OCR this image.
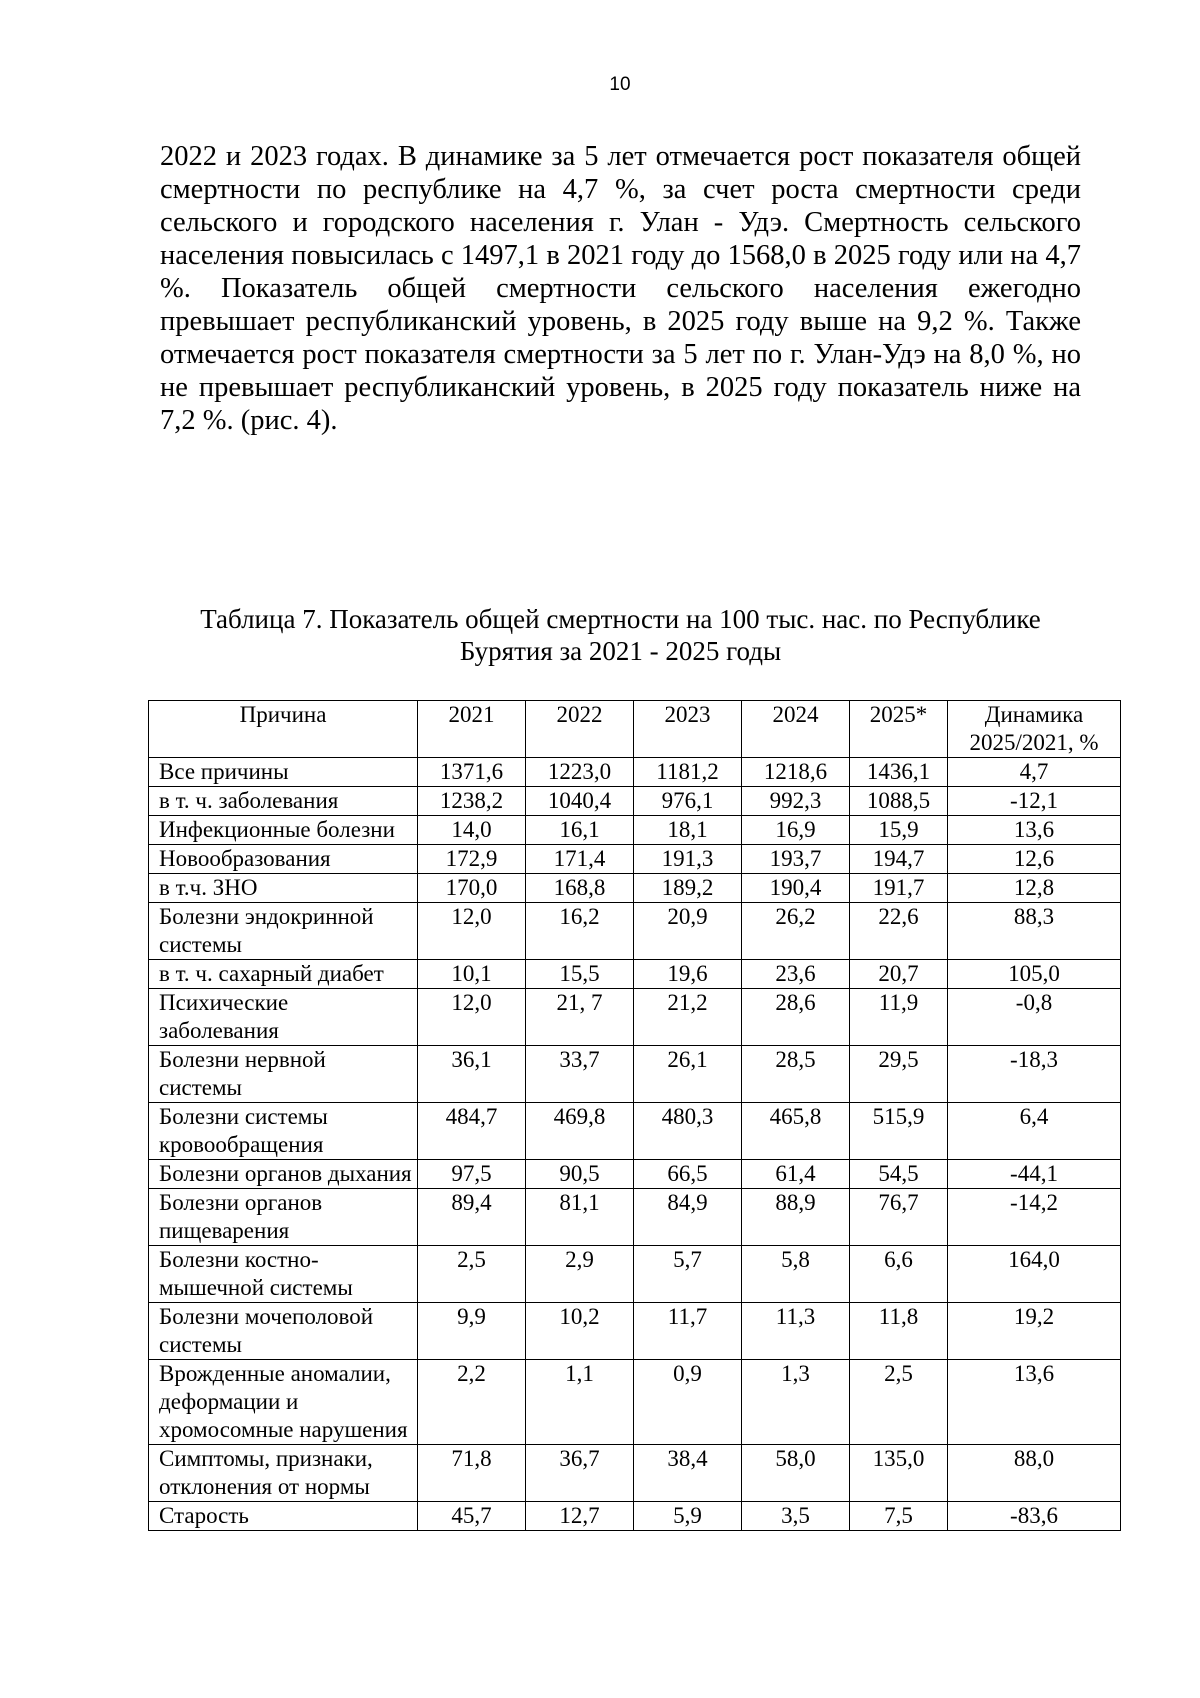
10

2022 и 2023 годах. В динамике за 5 лет отмечается рост показателя общей смертности по республике на 4,7 %, за счет роста смертности среди сельского и городского населения г. Улан - Удэ. Смертность сельского населения повысилась с 1497,1 в 2021 году до 1568,0 в 2025 году или на 4,7 %. Показатель общей смертности сельского населения ежегодно превышает республиканский уровень, в 2025 году выше на 9,2 %. Также отмечается рост показателя смертности за 5 лет по г. Улан-Удэ на 8,0 %, но не превышает республиканский уровень, в 2025 году показатель ниже на 7,2 %. (рис. 4).

Таблица 7. Показатель общей смертности на 100 тыс. нас. по Республике
Бурятия за 2021 - 2025 годы
Причина	2021	2022	2023	2024	2025*	Динамика
2025/2021, %

Все причины	1371,6	1223,0	1181,2	1218,6	1436,1	4,7
в т. ч. заболевания	1238,2	1040,4	976,1	992,3	1088,5	-12,1
Инфекционные болезни	14,0	16,1	18,1	16,9	15,9	13,6
Новообразования	172,9	171,4	191,3	193,7	194,7	12,6
в т.ч. ЗНО	170,0	168,8	189,2	190,4	191,7	12,8
Болезни эндокринной системы	12,0	16,2	20,9	26,2	22,6	88,3
в т. ч. сахарный диабет	10,1	15,5	19,6	23,6	20,7	105,0
Психические заболевания	12,0	21, 7	21,2	28,6	11,9	-0,8
Болезни нервной системы	36,1	33,7	26,1	28,5	29,5	-18,3
Болезни системы кровообращения	484,7	469,8	480,3	465,8	515,9	6,4
Болезни органов дыхания	97,5	90,5	66,5	61,4	54,5	-44,1
Болезни органов пищеварения	89,4	81,1	84,9	88,9	76,7	-14,2
Болезни костно-мышечной системы	2,5	2,9	5,7	5,8	6,6	164,0
Болезни мочеполовой системы	9,9	10,2	11,7	11,3	11,8	19,2
Врожденные аномалии, деформации и хромосомные нарушения	2,2	1,1	0,9	1,3	2,5	13,6
Симптомы, признаки, отклонения от нормы	71,8	36,7	38,4	58,0	135,0	88,0
Старость	45,7	12,7	5,9	3,5	7,5	-83,6
